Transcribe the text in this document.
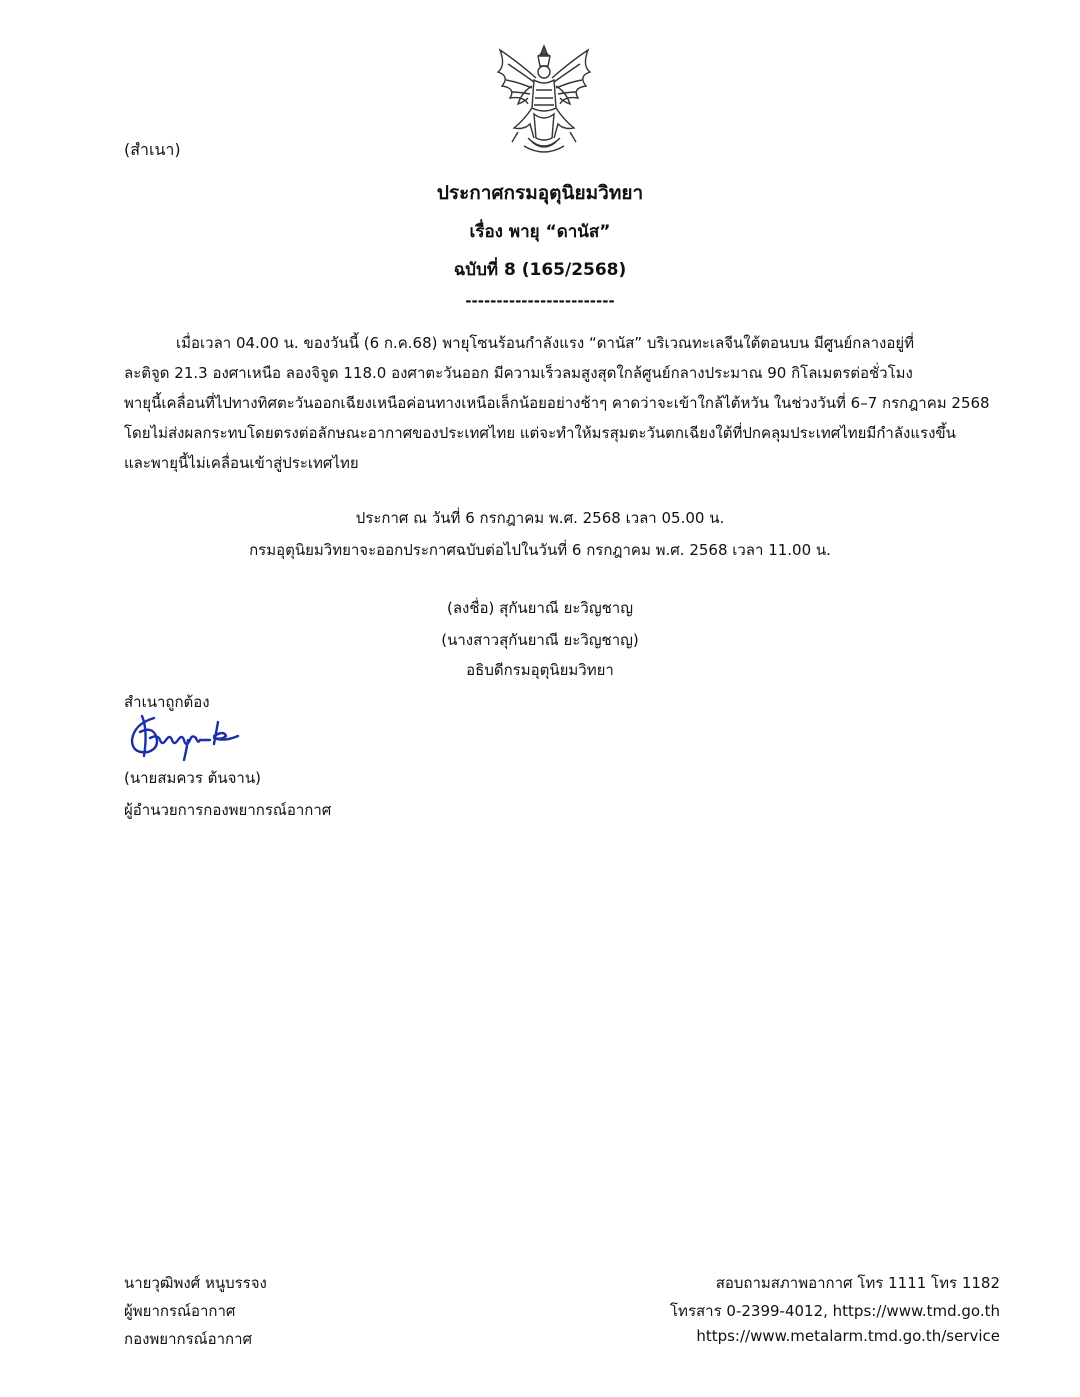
(สำเนา)
ประกาศกรมอุตุนิยมวิทยา
เรื่อง พายุ “ดานัส”
ฉบับที่ 8 (165/2568)
------------------------
เมื่อเวลา 04.00 น. ของวันนี้ (6 ก.ค.68) พายุโซนร้อนกำลังแรง “ดานัส” บริเวณทะเลจีนใต้ตอนบน มีศูนย์กลางอยู่ที่
ละติจูด 21.3 องศาเหนือ ลองจิจูด 118.0 องศาตะวันออก มีความเร็วลมสูงสุดใกล้ศูนย์กลางประมาณ 90 กิโลเมตรต่อชั่วโมง
พายุนี้เคลื่อนที่ไปทางทิศตะวันออกเฉียงเหนือค่อนทางเหนือเล็กน้อยอย่างช้าๆ คาดว่าจะเข้าใกล้ไต้หวัน ในช่วงวันที่ 6–7 กรกฎาคม 2568
โดยไม่ส่งผลกระทบโดยตรงต่อลักษณะอากาศของประเทศไทย แต่จะทำให้มรสุมตะวันตกเฉียงใต้ที่ปกคลุมประเทศไทยมีกำลังแรงขึ้น
และพายุนี้ไม่เคลื่อนเข้าสู่ประเทศไทย
ประกาศ ณ วันที่ 6 กรกฎาคม พ.ศ. 2568 เวลา 05.00 น.
กรมอุตุนิยมวิทยาจะออกประกาศฉบับต่อไปในวันที่ 6 กรกฎาคม พ.ศ. 2568 เวลา 11.00 น.
(ลงชื่อ) สุกันยาณี ยะวิญชาญ
(นางสาวสุกันยาณี ยะวิญชาญ)
อธิบดีกรมอุตุนิยมวิทยา
สำเนาถูกต้อง
(นายสมควร ต้นจาน)
ผู้อำนวยการกองพยากรณ์อากาศ
นายวุฒิพงศ์ หนูบรรจง
ผู้พยากรณ์อากาศ
กองพยากรณ์อากาศ
สอบถามสภาพอากาศ โทร 1111 โทร 1182
โทรสาร 0-2399-4012, https://www.tmd.go.th
https://www.metalarm.tmd.go.th/service
